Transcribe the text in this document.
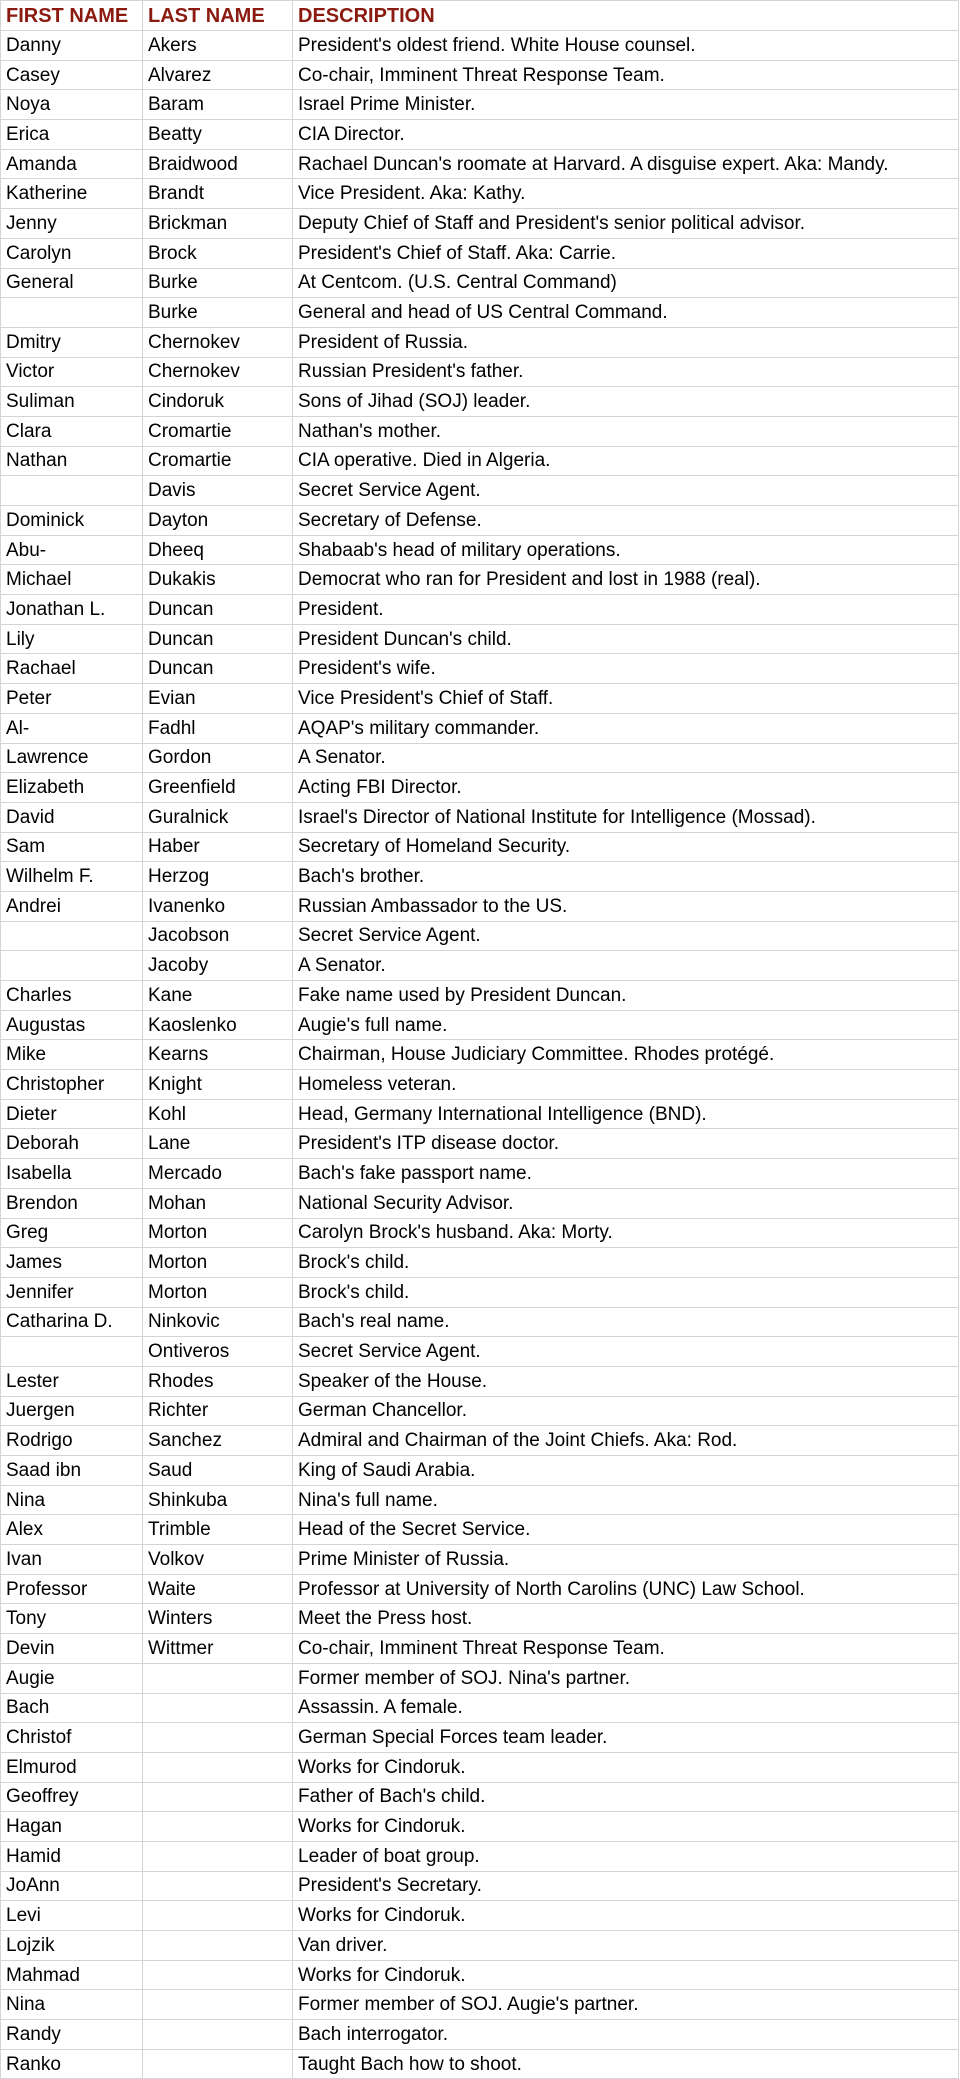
FIRST NAME	LAST NAME	DESCRIPTION
Danny	Akers	President's oldest friend. White House counsel.
Casey	Alvarez	Co-chair, Imminent Threat Response Team.
Noya	Baram	Israel Prime Minister.
Erica	Beatty	CIA Director.
Amanda	Braidwood	Rachael Duncan's roomate at Harvard. A disguise expert. Aka: Mandy.
Katherine	Brandt	Vice President. Aka: Kathy.
Jenny	Brickman	Deputy Chief of Staff and President's senior political advisor.
Carolyn	Brock	President's Chief of Staff. Aka: Carrie.
General	Burke	At Centcom. (U.S. Central Command)
	Burke	General and head of US Central Command.
Dmitry	Chernokev	President of Russia.
Victor	Chernokev	Russian President's father.
Suliman	Cindoruk	Sons of Jihad (SOJ) leader.
Clara	Cromartie	Nathan's mother.
Nathan	Cromartie	CIA operative. Died in Algeria.
	Davis	Secret Service Agent.
Dominick	Dayton	Secretary of Defense.
Abu-	Dheeq	Shabaab's head of military operations.
Michael	Dukakis	Democrat who ran for President and lost in 1988 (real).
Jonathan L.	Duncan	President.
Lily	Duncan	President Duncan's child.
Rachael	Duncan	President's wife.
Peter	Evian	Vice President's Chief of Staff.
Al-	Fadhl	AQAP's military commander.
Lawrence	Gordon	A Senator.
Elizabeth	Greenfield	Acting FBI Director.
David	Guralnick	Israel's Director of National Institute for Intelligence (Mossad).
Sam	Haber	Secretary of Homeland Security.
Wilhelm F.	Herzog	Bach's brother.
Andrei	Ivanenko	Russian Ambassador to the US.
	Jacobson	Secret Service Agent.
	Jacoby	A Senator.
Charles	Kane	Fake name used by President Duncan.
Augustas	Kaoslenko	Augie's full name.
Mike	Kearns	Chairman, House Judiciary Committee. Rhodes protégé.
Christopher	Knight	Homeless veteran.
Dieter	Kohl	Head, Germany International Intelligence (BND).
Deborah	Lane	President's ITP disease doctor.
Isabella	Mercado	Bach's fake passport name.
Brendon	Mohan	National Security Advisor.
Greg	Morton	Carolyn Brock's husband. Aka: Morty.
James	Morton	Brock's child.
Jennifer	Morton	Brock's child.
Catharina D.	Ninkovic	Bach's real name.
	Ontiveros	Secret Service Agent.
Lester	Rhodes	Speaker of the House.
Juergen	Richter	German Chancellor.
Rodrigo	Sanchez	Admiral and Chairman of the Joint Chiefs. Aka: Rod.
Saad ibn	Saud	King of Saudi Arabia.
Nina	Shinkuba	Nina's full name.
Alex	Trimble	Head of the Secret Service.
Ivan	Volkov	Prime Minister of Russia.
Professor	Waite	Professor at University of North Carolins (UNC) Law School.
Tony	Winters	Meet the Press host.
Devin	Wittmer	Co-chair, Imminent Threat Response Team.
Augie		Former member of SOJ. Nina's partner.
Bach		Assassin. A female.
Christof		German Special Forces team leader.
Elmurod		Works for Cindoruk.
Geoffrey		Father of Bach's child.
Hagan		Works for Cindoruk.
Hamid		Leader of boat group.
JoAnn		President's Secretary.
Levi		Works for Cindoruk.
Lojzik		Van driver.
Mahmad		Works for Cindoruk.
Nina		Former member of SOJ. Augie's partner.
Randy		Bach interrogator.
Ranko		Taught Bach how to shoot.
